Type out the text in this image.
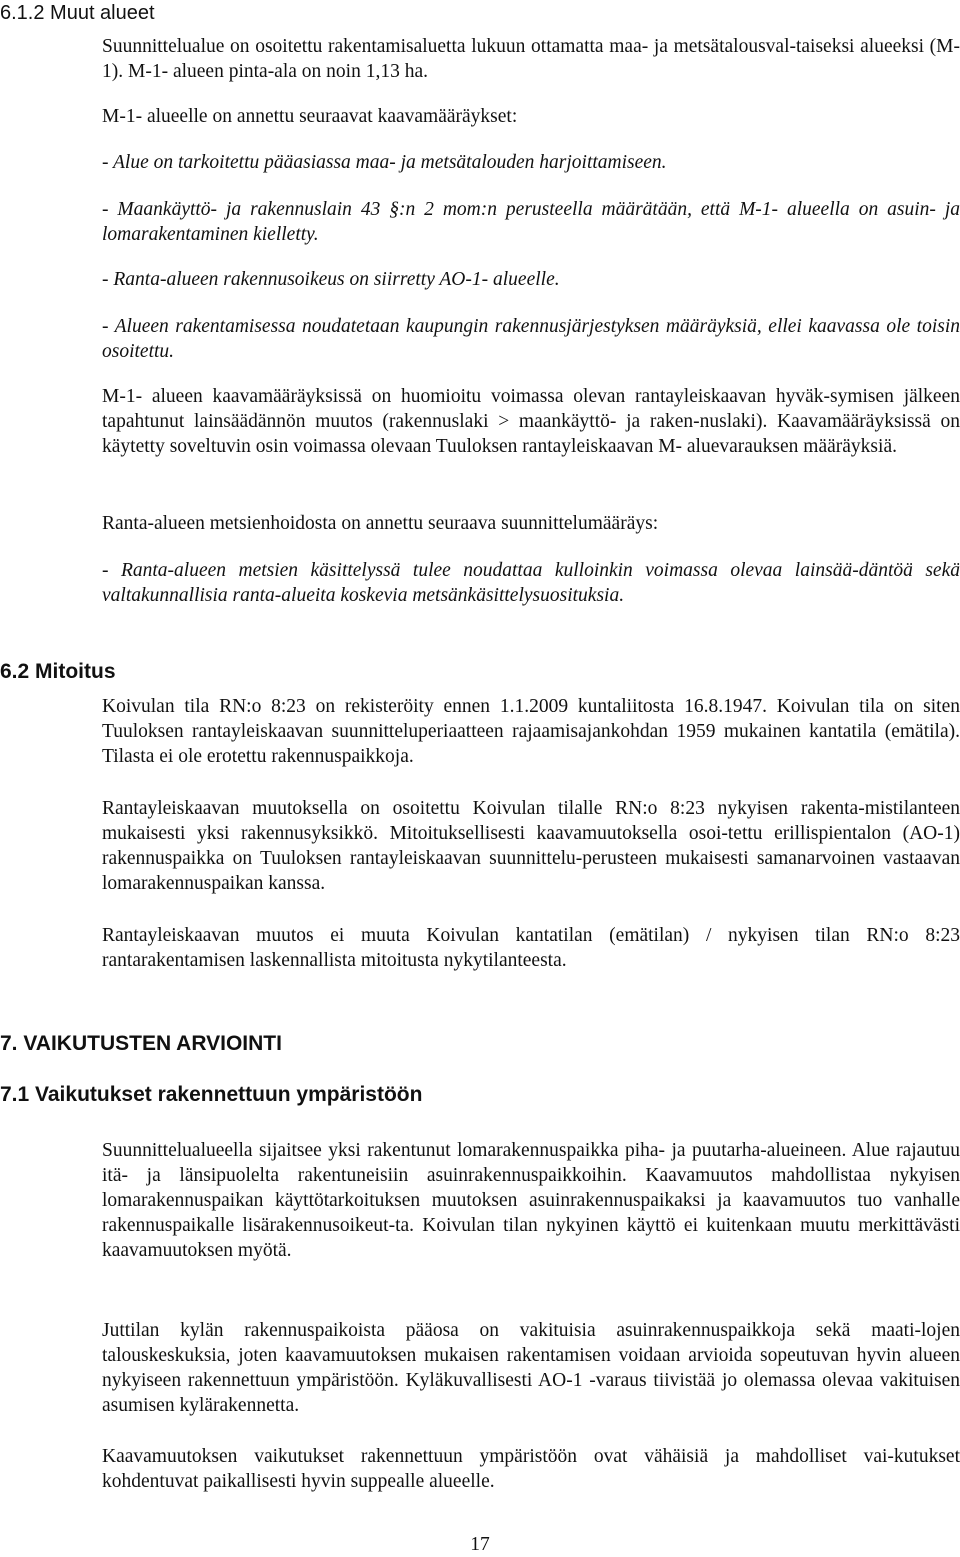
6.1.2 Muut alueet

Suunnittelualue on osoitettu rakentamisaluetta lukuun ottamatta maa- ja metsätalousval-taiseksi alueeksi (M-1). M-1- alueen pinta-ala on noin 1,13 ha.

M-1- alueelle on annettu seuraavat kaavamääräykset:

- Alue on tarkoitettu pääasiassa maa- ja metsätalouden harjoittamiseen.

- Maankäyttö- ja rakennuslain 43 §:n 2 mom:n perusteella määrätään, että M-1- alueella on asuin- ja lomarakentaminen kielletty.

- Ranta-alueen rakennusoikeus on siirretty AO-1- alueelle.

- Alueen rakentamisessa noudatetaan kaupungin rakennusjärjestyksen määräyksiä, ellei kaavassa ole toisin osoitettu.

M-1- alueen kaavamääräyksissä on huomioitu voimassa olevan rantayleiskaavan hyväk-symisen jälkeen tapahtunut lainsäädännön muutos (rakennuslaki > maankäyttö- ja raken-nuslaki). Kaavamääräyksissä on käytetty soveltuvin osin voimassa olevaan Tuuloksen rantayleiskaavan M- aluevarauksen määräyksiä.

Ranta-alueen metsienhoidosta on annettu seuraava suunnittelumääräys:

- Ranta-alueen metsien käsittelyssä tulee noudattaa kulloinkin voimassa olevaa lainsää-däntöä sekä valtakunnallisia ranta-alueita koskevia metsänkäsittelysuosituksia.

6.2 Mitoitus

Koivulan tila RN:o 8:23 on rekisteröity ennen 1.1.2009 kuntaliitosta 16.8.1947. Koivulan tila on siten Tuuloksen rantayleiskaavan suunnitteluperiaatteen rajaamisajankohdan 1959 mukainen kantatila (emätila). Tilasta ei ole erotettu rakennuspaikkoja.

Rantayleiskaavan muutoksella on osoitettu Koivulan tilalle RN:o 8:23 nykyisen rakenta-mistilanteen mukaisesti yksi rakennusyksikkö. Mitoituksellisesti kaavamuutoksella osoi-tettu erillispientalon (AO-1) rakennuspaikka on Tuuloksen rantayleiskaavan suunnittelu-perusteen mukaisesti samanarvoinen vastaavan lomarakennuspaikan kanssa.

Rantayleiskaavan muutos ei muuta Koivulan kantatilan (emätilan) / nykyisen tilan RN:o 8:23 rantarakentamisen laskennallista mitoitusta nykytilanteesta.

7. VAIKUTUSTEN ARVIOINTI
7.1 Vaikutukset rakennettuun ympäristöön

Suunnittelualueella sijaitsee yksi rakentunut lomarakennuspaikka piha- ja puutarha-alueineen. Alue rajautuu itä- ja länsipuolelta rakentuneisiin asuinrakennuspaikkoihin. Kaavamuutos mahdollistaa nykyisen lomarakennuspaikan käyttötarkoituksen muutoksen asuinrakennuspaikaksi ja kaavamuutos tuo vanhalle rakennuspaikalle lisärakennusoikeut-ta. Koivulan tilan nykyinen käyttö ei kuitenkaan muutu merkittävästi kaavamuutoksen myötä.

Juttilan kylän rakennuspaikoista pääosa on vakituisia asuinrakennuspaikkoja sekä maati-lojen talouskeskuksia, joten kaavamuutoksen mukaisen rakentamisen voidaan arvioida sopeutuvan hyvin alueen nykyiseen rakennettuun ympäristöön. Kyläkuvallisesti AO-1 -varaus tiivistää jo olemassa olevaa vakituisen asumisen kylärakennetta.

Kaavamuutoksen vaikutukset rakennettuun ympäristöön ovat vähäisiä ja mahdolliset vai-kutukset kohdentuvat paikallisesti hyvin suppealle alueelle.

17
